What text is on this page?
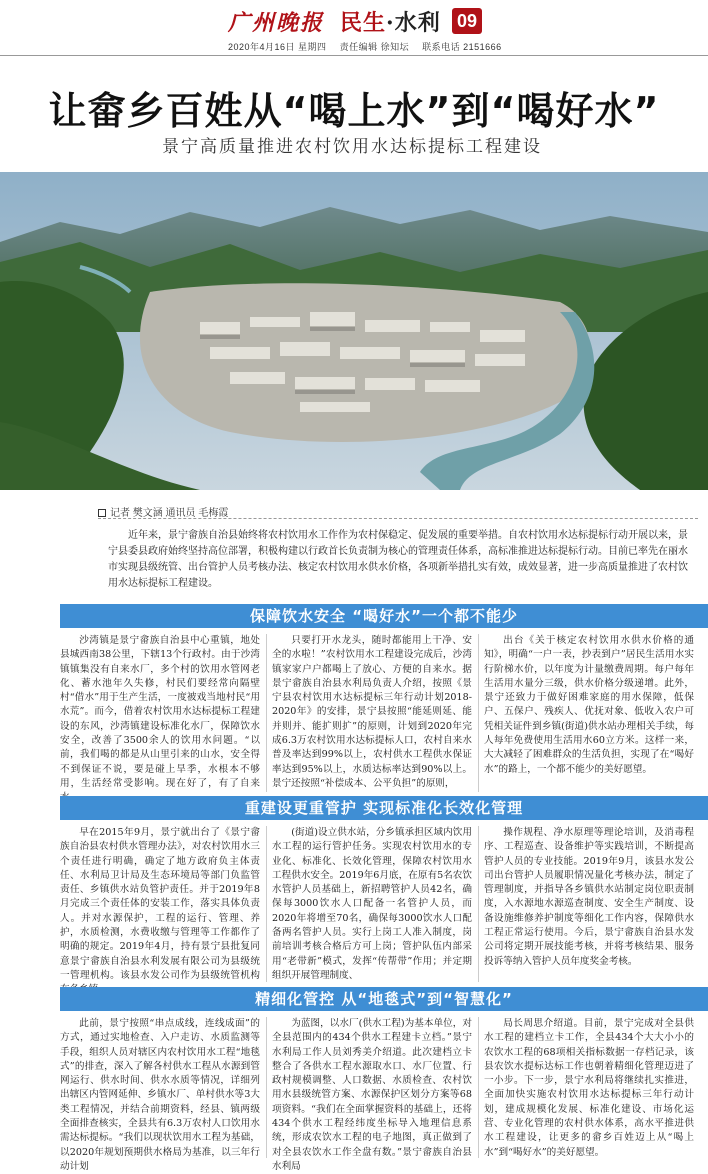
广州晚报 民生·水利 09
2020年4月16日 星期四 责任编辑 徐知坛 联系电话 2151666
让畲乡百姓从“喝上水”到“喝好水”
景宁高质量推进农村饮用水达标提标工程建设
记者 樊文涵 通讯员 毛梅霞
近年来，景宁畲族自治县始终将农村饮用水工作作为农村保稳定、促发展的重要举措。自农村饮用水达标提标行动开展以来，景宁县委县政府始终坚持高位部署，积极构建以行政首长负责制为核心的管理责任体系，高标准推进达标提标行动。目前已率先在丽水市实现县级统管、出台管护人员考核办法、核定农村饮用水供水价格，各项新举措扎实有效，成效显著，进一步高质量推进了农村饮用水达标提标工程建设。
保障饮水安全 “喝好水”一个都不能少

沙湾镇是景宁畲族自治县中心重镇，地处县城西南38公里，下辖13个行政村。由于沙湾镇镇集没有自来水厂，多个村的饮用水管网老化、蓄水池年久失修，村民们要经常向隔壁村“借水”用于生产生活，一度被戏当地村民“用水荒”。而今，借着农村饮用水达标提标工程建设的东风，沙湾镇建设标准化水厂，保障饮水安全，改善了3500余人的饮用水问题。“以前，我们喝的都是从山里引来的山水，安全得不到保证不说，要是碰上旱季，水根本不够用，生活经常受影响。现在好了，有了自来

只要打开水龙头，随时都能用上干净、安全的水啦！”农村饮用水工程建设完成后，沙湾镇家家户户都喝上了放心、方便的自来水。据景宁畲族自治县水利局负责人介绍，按照《景宁县农村饮用水达标提标三年行动计划2018-2020年》的安排，景宁县按照“能延则延、能并则并、能扩则扩”的原则，计划到2020年完成6.3万农村饮用水达标提标人口，农村自来水普及率达到99%以上，农村供水工程供水保证率达到95%以上，水质达标率达到90%以上。景宁还按照“补偿成本、公平负担”的原则，

出台《关于核定农村饮用水供水价格的通知》，明确“一户一表，抄表到户”居民生活用水实行阶梯水价，以年度为计量缴费周期。每户每年生活用水量分三级，供水价格分级递增。此外，景宁还致力于做好困难家庭的用水保障，低保户、五保户、残疾人、优抚对象、低收入农户可凭相关证件到乡镇(街道)供水站办理相关手续，每人每年免费使用生活用水60立方米。这样一来，大大减轻了困难群众的生活负担，实现了在“喝好水”的路上，一个都不能少的美好愿望。

重建设更重管护 实现标准化长效化管理

早在2015年9月，景宁就出台了《景宁畲族自治县农村供水管理办法》，对农村饮用水三个责任进行明确，确定了地方政府负主体责任、水利局卫计局及生态环境局等部门负监管责任、乡镇供水站负管护责任。并于2019年8月完成三个责任体的安装工作，落实具体负责人。并对水源保护，工程的运行、管理、养护，水质检测，水费收缴与管理等工作都作了明确的规定。2019年4月，持有景宁县批复同意景宁畲族自治县水利发展有限公司为县级统一管理机构。该县水发公司作为县级统管机构

(街道)设立供水站，分乡镇承担区域内饮用水工程的运行管护任务。实现农村饮用水的专业化、标准化、长效化管理，保障农村饮用水工程供水安全。2019年6月底，在原有5名农饮水管护人员基础上，新招聘管护人员42名，确保每3000饮水人口配备一名管护人员，而2020年将增至70名，确保每3000饮水人口配备两名管护人员。实行上岗工人准入制度，岗前培训考核合格后方可上岗；管护队伍内部采用“老带新”模式，发挥“传帮带”作用；并定期组织开展管理制度、

操作规程、净水原理等理论培训，及消毒程序、工程巡查、设备维护等实践培训，不断提高管护人员的专业技能。2019年9月，该县水发公司出台管护人员履职情况量化考核办法，制定了管理制度，并指导各乡镇供水站制定岗位职责制度，入水源地水源巡查制度、安全生产制度、设备设施维修养护制度等细化工作内容，保障供水工程正常运行使用。今后，景宁畲族自治县水发公司将定期开展技能考核，并将考核结果、服务投诉等纳入管护人员年度奖金考核。

精细化管控 从“地毯式”到“智慧化”

此前，景宁按照“串点成线，连线成面”的方式，通过实地检查、入户走访、水质监测等手段，组织人员对辖区内农村饮用水工程“地毯式”的排查，深入了解各村供水工程从水源到管网运行、供水时间、供水水质等情况，详细列出辖区内管网延伸、乡镇水厂、单村供水等3大类工程情况，并结合前期资料，经县、镇两级全面排查核实，全县共有6.3万农村人口饮用水需达标提标。“我们以现状饮用水工程为基础，以2020年规划预期供水格局为基准，以三年行动计划

为蓝图，以水厂(供水工程)为基本单位，对全县范围内的434个供水工程建卡立档。”景宁水利局工作人员刘秀美介绍道。此次建档立卡整合了各供水工程水源取水口、水厂位置、行政村规模调整、人口数据、水质检查、农村饮用水县级统管方案、水源保护区划分方案等68项资料。“我们在全面掌握资料的基础上，还将434个供水工程经纬度坐标导入地理信息系统，形成农饮水工程的电子地图，真正做到了对全县农饮水工作全盘有数。”景宁畲族自治县水利局

局长周思介绍道。目前，景宁完成对全县供水工程的建档立卡工作，全县434个大大小小的农饮水工程的68项相关指标数据一存档记录，该县农饮水提标达标工作也朝着精细化管理迈进了一小步。下一步，景宁水利局将继续扎实推进，全面加快实施农村饮用水达标提标三年行动计划，建成规模化发展、标准化建设、市场化运营、专业化管理的农村供水体系，高水平推进供水工程建设，让更多的畲乡百姓迈上从“喝上水”到“喝好水”的美好愿望。
